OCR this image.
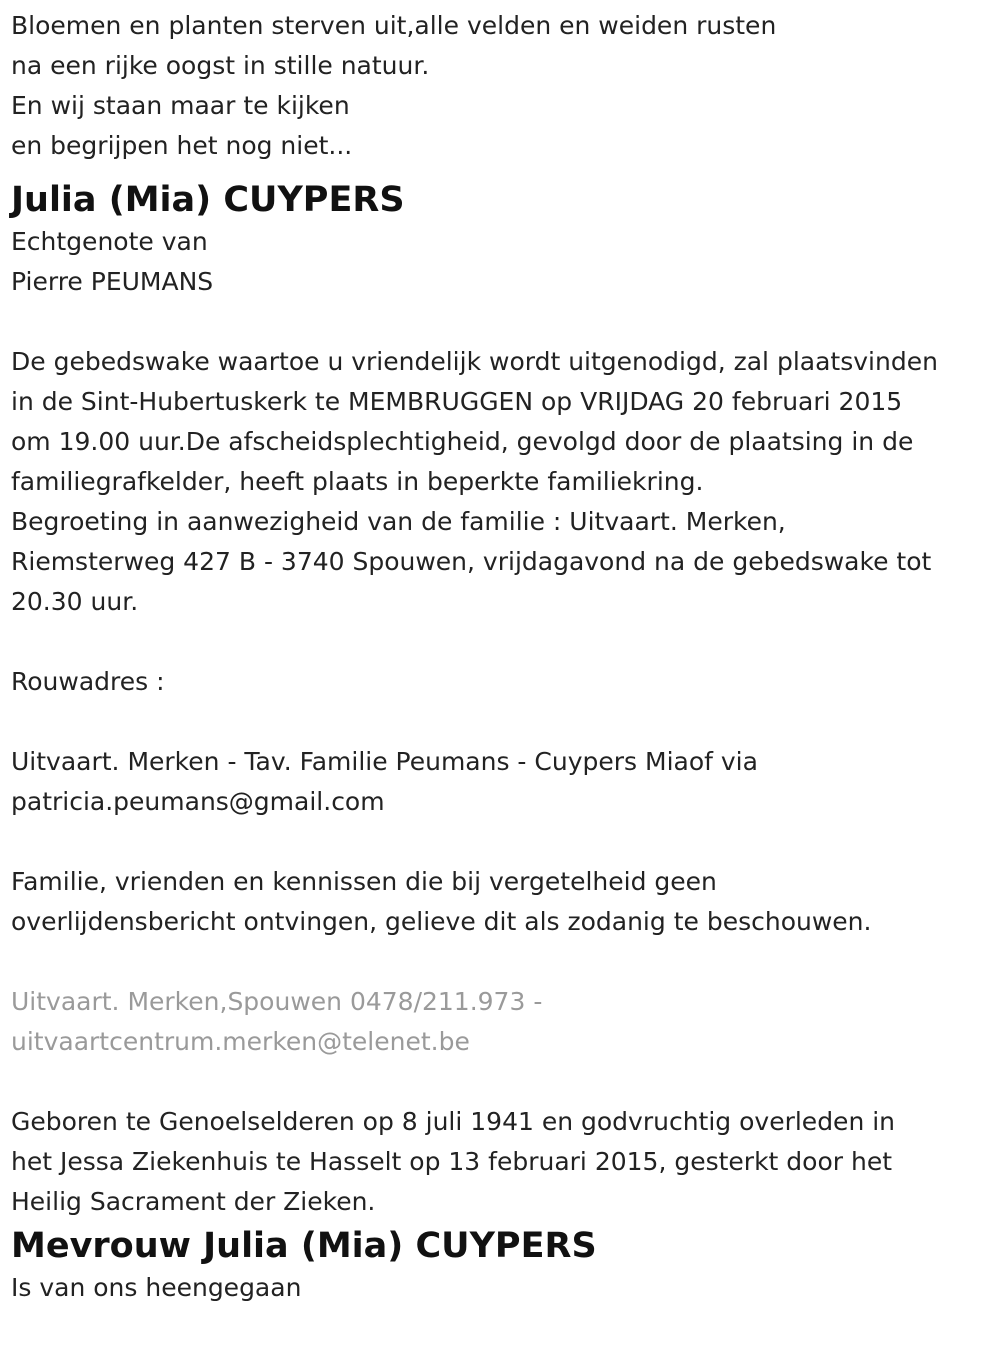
Bloemen en planten sterven uit,alle velden en weiden rusten
na een rijke oogst in stille natuur.
En wij staan maar te kijken
en begrijpen het nog niet...
Julia (Mia) CUYPERS
Echtgenote van
Pierre PEUMANS
De gebedswake waartoe u vriendelijk wordt uitgenodigd, zal plaatsvinden
in de Sint-Hubertuskerk te MEMBRUGGEN op VRIJDAG 20 februari 2015
om 19.00 uur.De afscheidsplechtigheid, gevolgd door de plaatsing in de
familiegrafkelder, heeft plaats in beperkte familiekring.
Begroeting in aanwezigheid van de familie : Uitvaart. Merken,
Riemsterweg 427 B - 3740 Spouwen, vrijdagavond na de gebedswake tot
20.30 uur.
Rouwadres :
Uitvaart. Merken - Tav. Familie Peumans - Cuypers Miaof via
patricia.peumans@gmail.com
Familie, vrienden en kennissen die bij vergetelheid geen
overlijdensbericht ontvingen, gelieve dit als zodanig te beschouwen.
Uitvaart. Merken,Spouwen 0478/211.973 -
uitvaartcentrum.merken@telenet.be
Geboren te Genoelselderen op 8 juli 1941 en godvruchtig overleden in
het Jessa Ziekenhuis te Hasselt op 13 februari 2015, gesterkt door het
Heilig Sacrament der Zieken.
Mevrouw Julia (Mia) CUYPERS
Is van ons heengegaan
